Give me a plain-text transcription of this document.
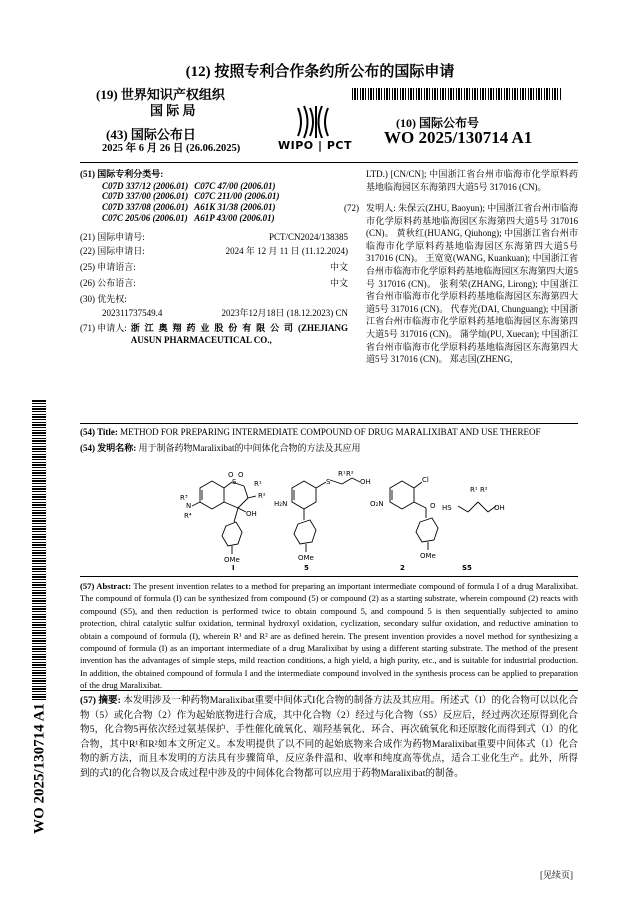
(12) 按照专利合作条约所公布的国际申请
(19) 世界知识产权组织
国 际 局
(43) 国际公布日
2025 年 6 月 26 日 (26.06.2025)	WIPO | PCT
(10) 国际公布号
WO 2025/130714 A1
WO 2025/130714 A1
(51) 国际专利分类号:
C07D 337/12 (2006.01)	C07C 47/00 (2006.01)
C07D 337/00 (2006.01)	C07C 211/00 (2006.01)
C07D 337/08 (2006.01)	A61K 31/38 (2006.01)
C07C 205/06 (2006.01)	A61P 43/00 (2006.01)
(21) 国际申请号:	PCT/CN2024/138385
(22) 国际申请日:	2024 年 12 月 11 日 (11.12.2024)
(25) 申请语言:	中文
(26) 公布语言:	中文
(30) 优先权:
202311737549.4	2023年12月18日 (18.12.2023) CN
(71) 申请人: 浙 江 奥 翔 药 业 股 份 有 限 公 司 (ZHEJIANG AUSUN PHARMACEUTICAL CO.,
LTD.) [CN/CN]; 中国浙江省台州市临海市化学原料药基地临海园区东海第四大道5号 317016 (CN)。
(72) 发明人: 朱保云(ZHU, Baoyun); 中国浙江省台州市临海市化学原料药基地临海园区东海第四大道5号 317016 (CN)。 黄秋红(HUANG, Qiuhong); 中国浙江省台州市临海市化学原料药基地临海园区东海第四大道5号 317016 (CN)。 王宽宽(WANG, Kuankuan); 中国浙江省台州市临海市化学原料药基地临海园区东海第四大道5号 317016 (CN)。 张利荣(ZHANG, Lirong); 中国浙江省台州市临海市化学原料药基地临海园区东海第四大道5号 317016 (CN)。 代春光(DAI, Chunguang); 中国浙江省台州市临海市化学原料药基地临海园区东海第四大道5号 317016 (CN)。 蒲学灿(PU, Xuecan); 中国浙江省台州市临海市化学原料药基地临海园区东海第四大道5号 317016 (CN)。 郑志国(ZHENG,
(54) Title: METHOD FOR PREPARING INTERMEDIATE COMPOUND OF DRUG MARALIXIBAT AND USE THEREOF
(54) 发明名称: 用于制备药物Maralixibat的中间体化合物的方法及其应用
O O
S	R¹
R²
OH
R³
N
R⁴
OMe
I
H₂N
S
R¹ R²
OH
OMe
5
O₂N
Cl
O
OMe
2
HS
R¹ R²
OH
S5
(57) Abstract: The present invention relates to a method for preparing an important intermediate compound of formula I of a drug Maralixibat. The compound of formula (I) can be synthesized from compound (5) or compound (2) as a starting substrate, wherein compound (2) reacts with compound (S5), and then reduction is performed twice to obtain compound 5, and compound 5 is then sequentially subjected to amino protection, chiral catalytic sulfur oxidation, terminal hydroxyl oxidation, cyclization, secondary sulfur oxidation, and reductive amination to obtain a compound of formula (I), wherein R¹ and R² are as defined herein. The present invention provides a novel method for synthesizing a compound of formula (I) as an important intermediate of a drug Maralixibat by using a different starting substrate. The method of the present invention has the advantages of simple steps, mild reaction conditions, a high yield, a high purity, etc., and is suitable for industrial production. In addition, the obtained compound of formula I and the intermediate compound involved in the synthesis process can be applied to preparation of the drug Maralixibat.
(57) 摘要: 本发明涉及一种药物Maralixibat重要中间体式I化合物的制备方法及其应用。所述式（I）的化合物可以以化合物（5）或化合物（2）作为起始底物进行合成，其中化合物（2）经过与化合物（S5）反应后，经过两次还原得到化合物5，化合物5再依次经过氨基保护、手性催化硫氧化、端羟基氧化、环合、再次硫氧化和还原胺化而得到式（I）的化合物，其中R¹和R²如本文所定义。本发明提供了以不同的起始底物来合成作为药物Maralixibat重要中间体式（I）化合物的新方法，而且本发明的方法具有步骤简单，反应条件温和、收率和纯度高等优点，适合工业化生产。此外，所得到的式I的化合物以及合成过程中涉及的中间体化合物都可以应用于药物Maralixibat的制备。
[见续页]
